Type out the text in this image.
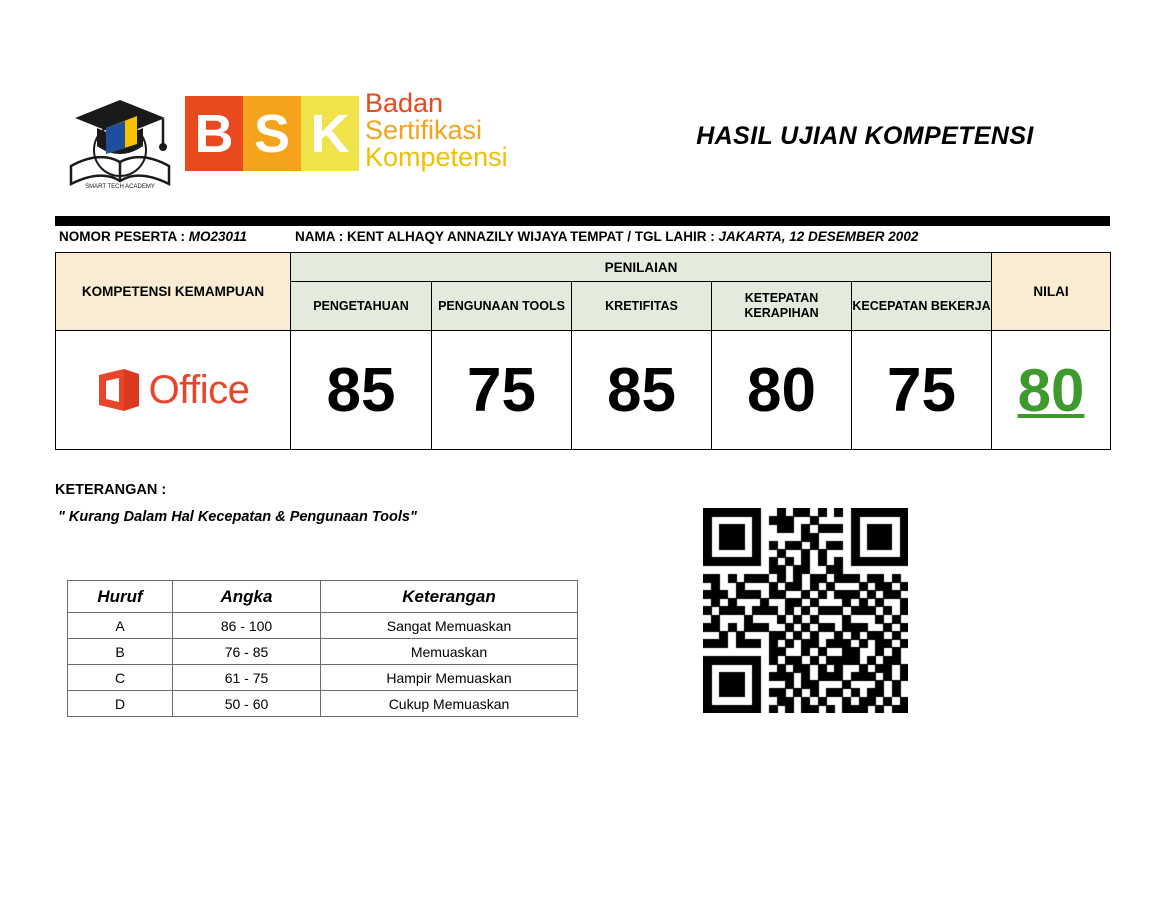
SMART TECH ACADEMY
B S K
Badan
Sertifikasi
Kompetensi
HASIL UJIAN KOMPETENSI
NOMOR PESERTA : MO23011	NAMA : KENT ALHAQY ANNAZILY WIJAYA TEMPAT / TGL LAHIR : JAKARTA, 12 DESEMBER 2002
KOMPETENSI KEMAMPUAN	PENILAIAN					NILAI
	PENGETAHUAN	PENGUNAAN TOOLS	KRETIFITAS	KETEPATAN KERAPIHAN	KECEPATAN BEKERJA	

Office	85	75	85	80	75	80
KETERANGAN :
" Kurang Dalam Hal Kecepatan & Pengunaan Tools"
Huruf	Angka	Keterangan
A	86 - 100	Sangat Memuaskan
B	76 - 85	Memuaskan
C	61 - 75	Hampir Memuaskan
D	50 - 60	Cukup Memuaskan
